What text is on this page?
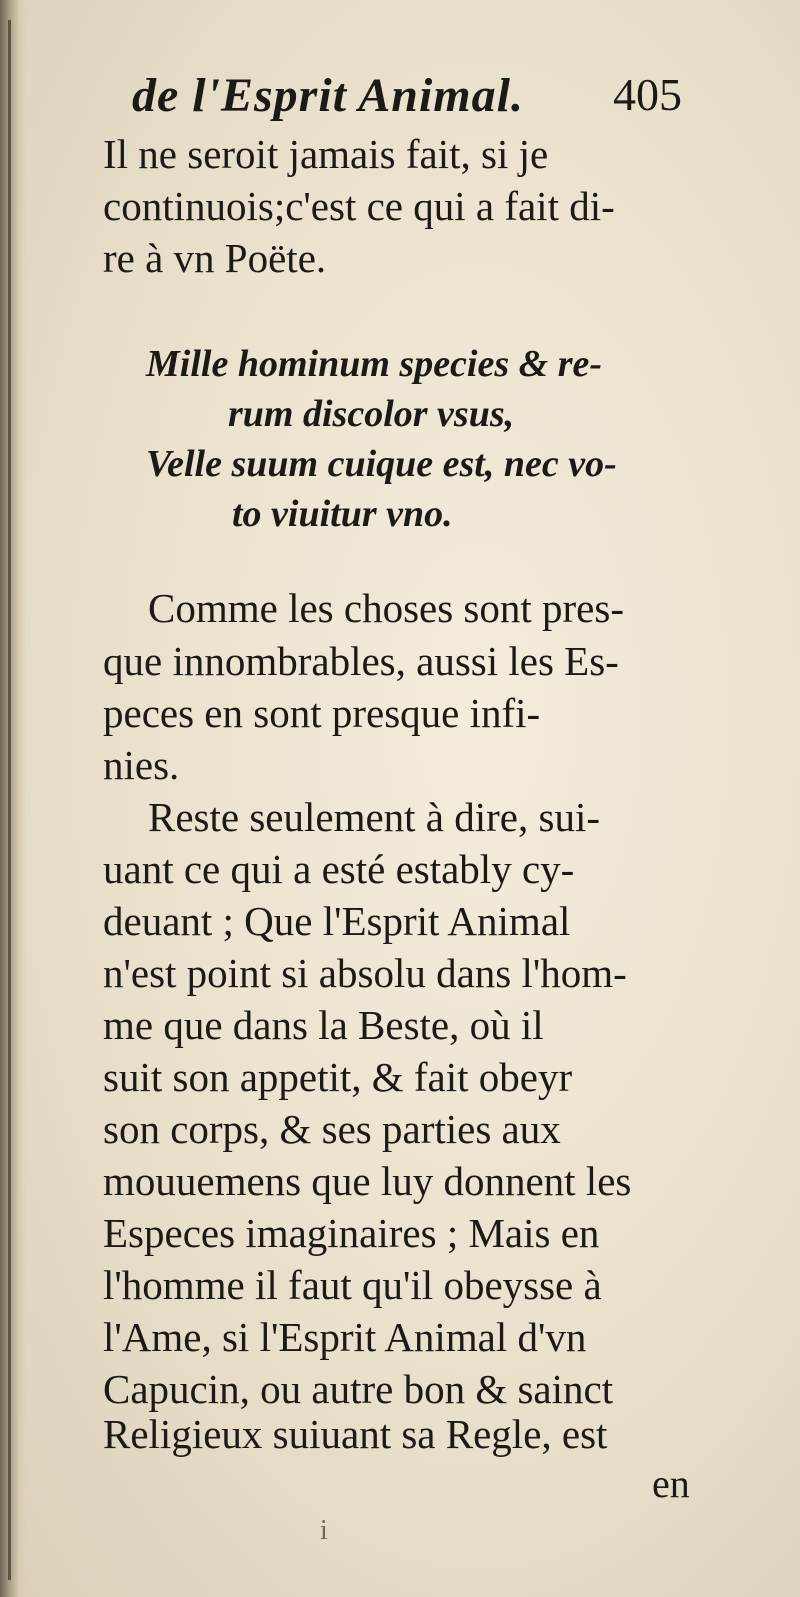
de l'Esprit Animal. 405
Il ne seroit jamais fait, si je
continuois;c'est ce qui a fait di-
re à vn Poëte.
Mille hominum species & re-
rum discolor vsus,
Velle suum cuique est, nec vo-
to viuitur vno.
Comme les choses sont pres-
que innombrables, aussi les Es-
peces en sont presque infi-
nies.
Reste seulement à dire, sui-
uant ce qui a esté estably cy-
deuant ; Que l'Esprit Animal
n'est point si absolu dans l'hom-
me que dans la Beste, où il
suit son appetit, & fait obeyr
son corps, & ses parties aux
mouuemens que luy donnent les
Especes imaginaires ; Mais en
l'homme il faut qu'il obeysse à
l'Ame, si l'Esprit Animal d'vn
Capucin, ou autre bon & sainct
en
Religieux suiuant sa Regle, est
i
